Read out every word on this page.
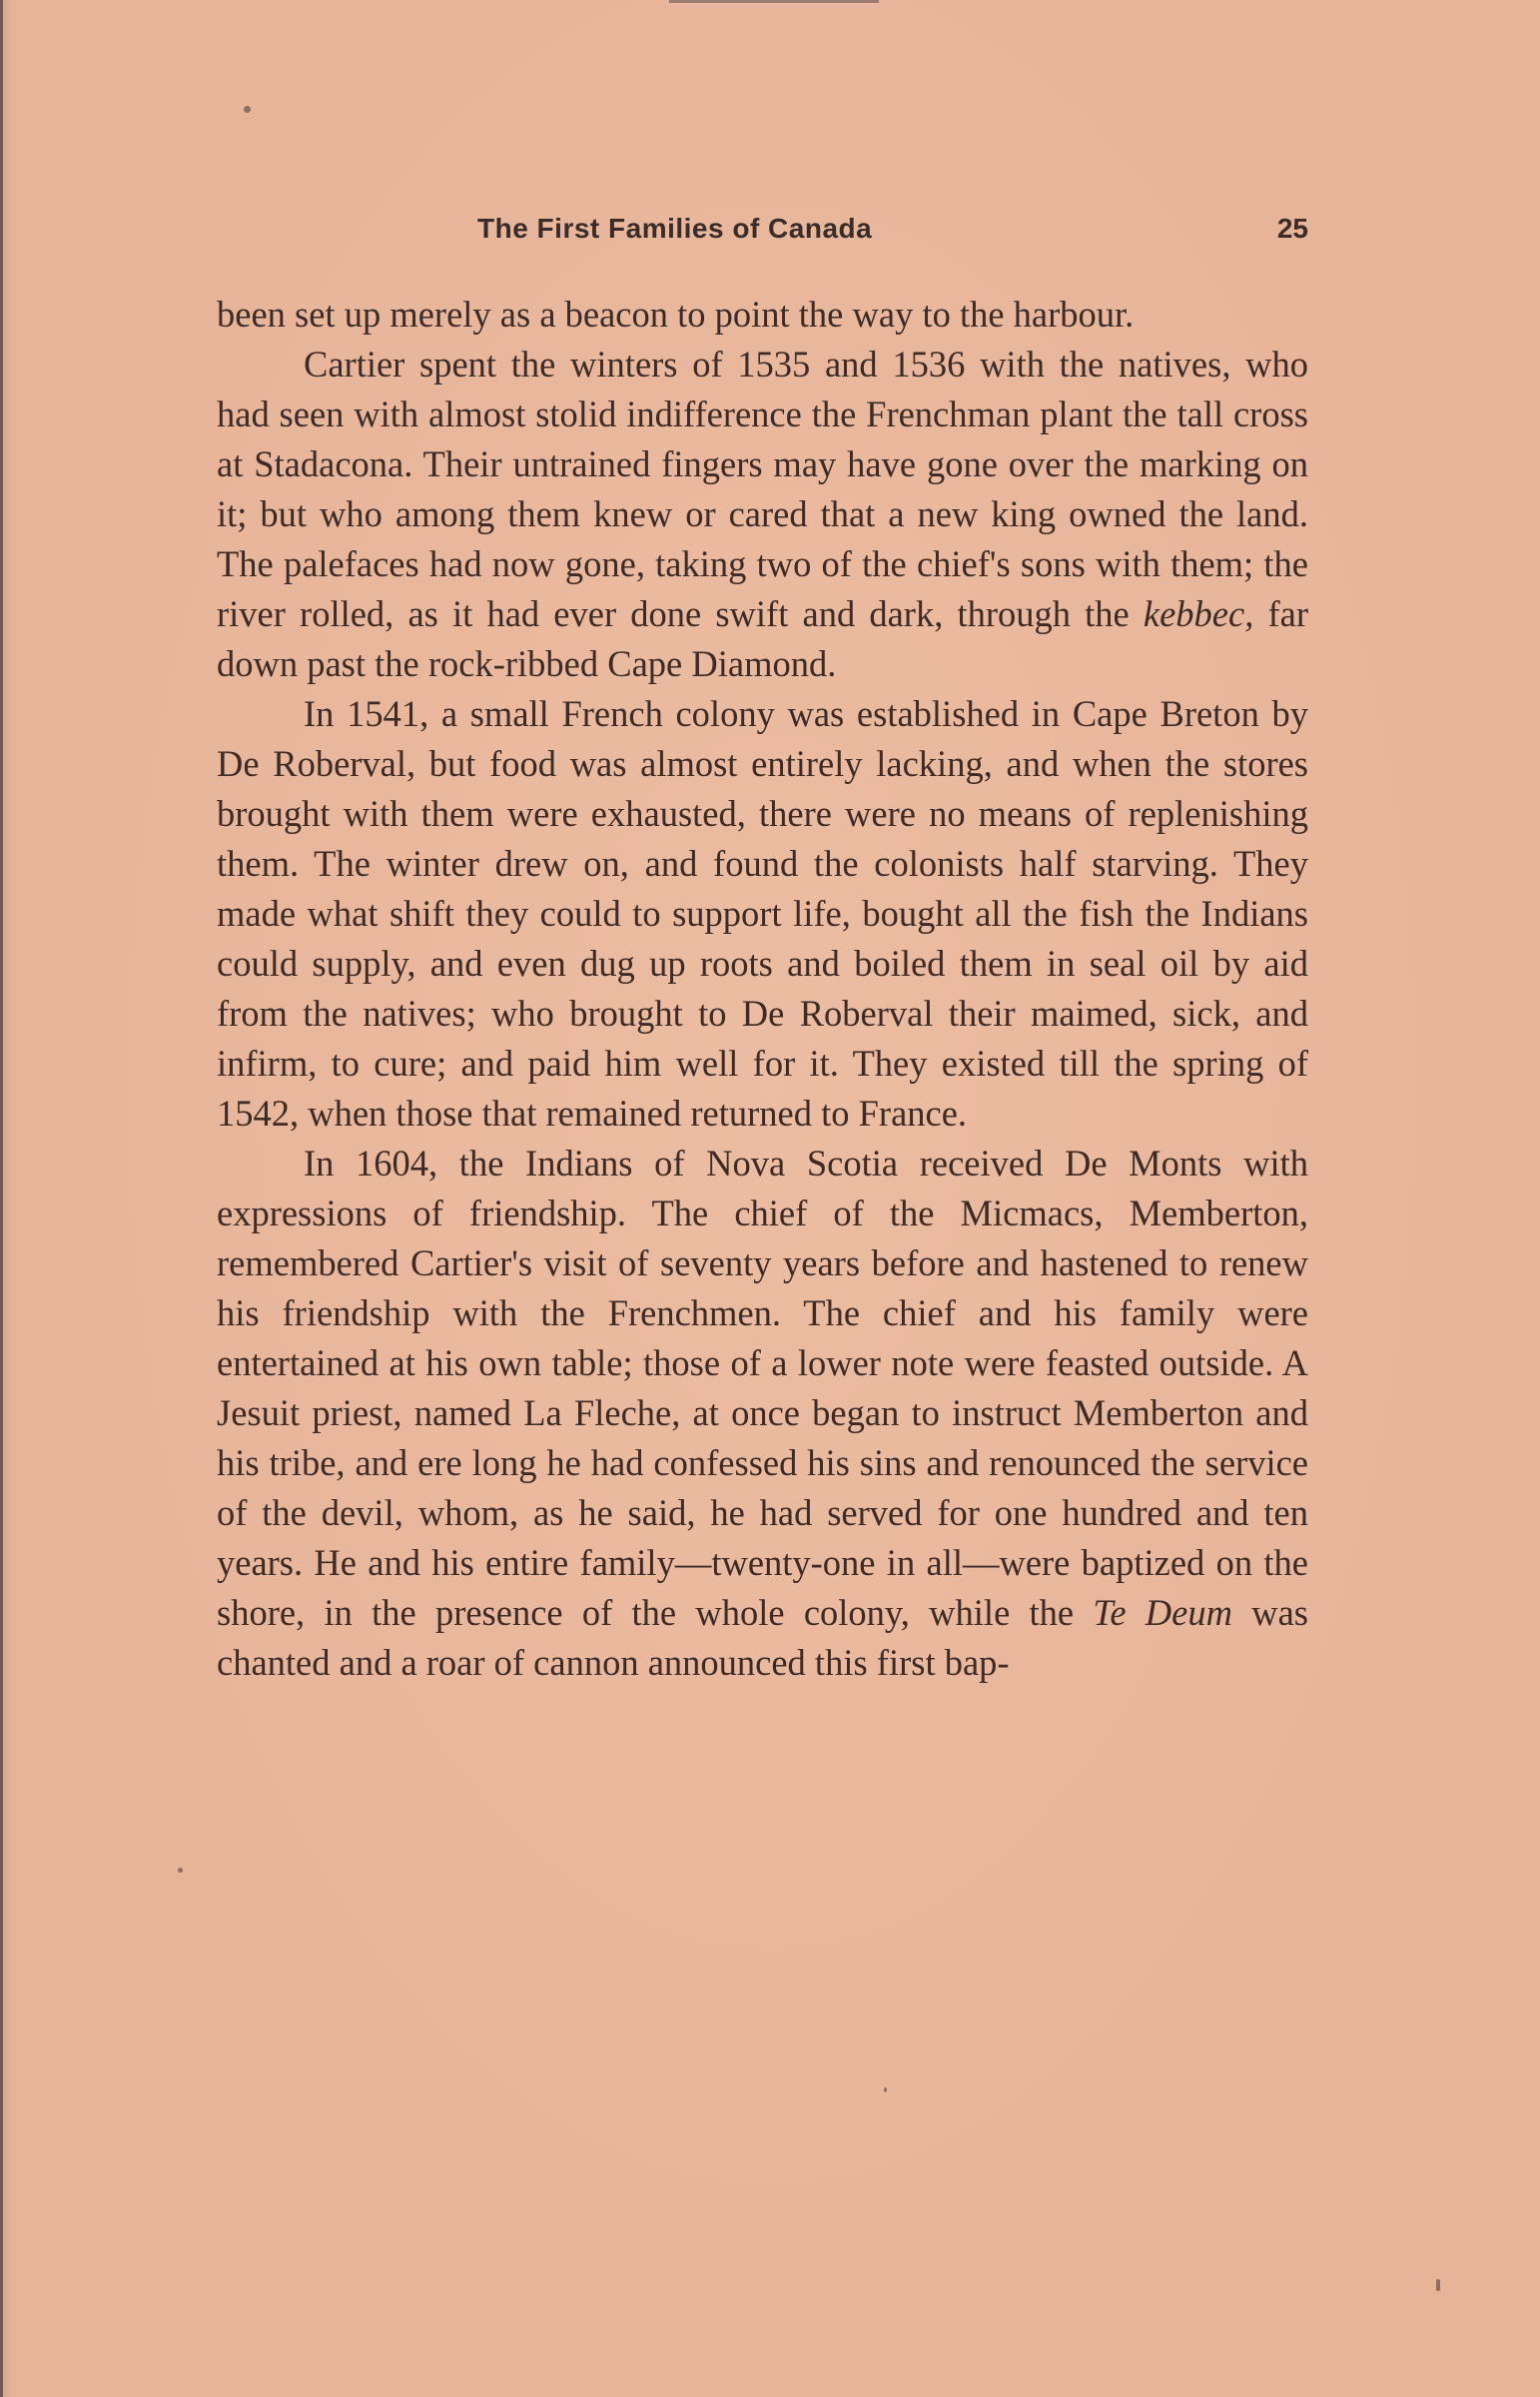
The First Families of Canada	25

been set up merely as a beacon to point the way to the harbour.

Cartier spent the winters of 1535 and 1536 with the natives, who had seen with almost stolid indifference the Frenchman plant the tall cross at Stadacona. Their untrained fingers may have gone over the marking on it; but who among them knew or cared that a new king owned the land. The palefaces had now gone, taking two of the chief's sons with them; the river rolled, as it had ever done swift and dark, through the kebbec, far down past the rock-ribbed Cape Diamond.

In 1541, a small French colony was established in Cape Breton by De Roberval, but food was almost entirely lacking, and when the stores brought with them were exhausted, there were no means of replenishing them. The winter drew on, and found the colonists half starving. They made what shift they could to support life, bought all the fish the Indians could supply, and even dug up roots and boiled them in seal oil by aid from the natives; who brought to De Roberval their maimed, sick, and infirm, to cure; and paid him well for it. They existed till the spring of 1542, when those that remained returned to France.

In 1604, the Indians of Nova Scotia received De Monts with expressions of friendship. The chief of the Micmacs, Memberton, remembered Cartier's visit of seventy years before and hastened to renew his friendship with the Frenchmen. The chief and his family were entertained at his own table; those of a lower note were feasted outside. A Jesuit priest, named La Fleche, at once began to instruct Memberton and his tribe, and ere long he had confessed his sins and renounced the service of the devil, whom, as he said, he had served for one hundred and ten years. He and his entire family—twenty-one in all—were baptized on the shore, in the presence of the whole colony, while the Te Deum was chanted and a roar of cannon announced this first bap-
